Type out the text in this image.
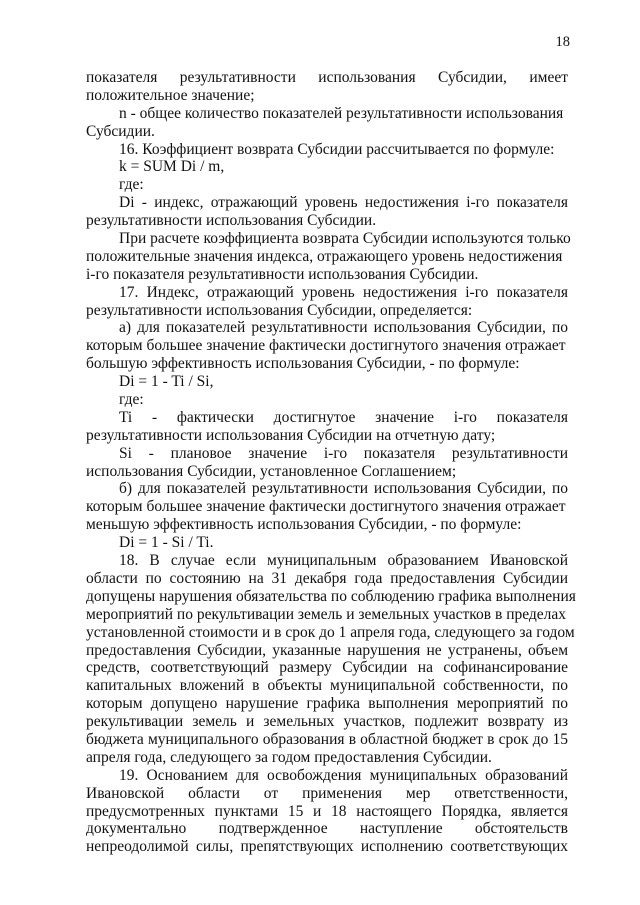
18
показателя результативности использования Субсидии, имеет
положительное значение;
n - общее количество показателей результативности использования
Субсидии.
16. Коэффициент возврата Субсидии рассчитывается по формуле:
k = SUM Di / m,
где:
Di - индекс, отражающий уровень недостижения i-го показателя
результативности использования Субсидии.
При расчете коэффициента возврата Субсидии используются только
положительные значения индекса, отражающего уровень недостижения
i-го показателя результативности использования Субсидии.
17. Индекс, отражающий уровень недостижения i-го показателя
результативности использования Субсидии, определяется:
а) для показателей результативности использования Субсидии, по
которым большее значение фактически достигнутого значения отражает
большую эффективность использования Субсидии, - по формуле:
Di = 1 - Ti / Si,
где:
Ti - фактически достигнутое значение i-го показателя
результативности использования Субсидии на отчетную дату;
Si - плановое значение i-го показателя результативности
использования Субсидии, установленное Соглашением;
б) для показателей результативности использования Субсидии, по
которым большее значение фактически достигнутого значения отражает
меньшую эффективность использования Субсидии, - по формуле:
Di = 1 - Si / Ti.
18. В случае если муниципальным образованием Ивановской
области по состоянию на 31 декабря года предоставления Субсидии
допущены нарушения обязательства по соблюдению графика выполнения
мероприятий по рекультивации земель и земельных участков в пределах
установленной стоимости и в срок до 1 апреля года, следующего за годом
предоставления Субсидии, указанные нарушения не устранены, объем
средств, соответствующий размеру Субсидии на софинансирование
капитальных вложений в объекты муниципальной собственности, по
которым допущено нарушение графика выполнения мероприятий по
рекультивации земель и земельных участков, подлежит возврату из
бюджета муниципального образования в областной бюджет в срок до 15
апреля года, следующего за годом предоставления Субсидии.
19. Основанием для освобождения муниципальных образований
Ивановской области от применения мер ответственности,
предусмотренных пунктами 15 и 18 настоящего Порядка, является
документально подтвержденное наступление обстоятельств
непреодолимой силы, препятствующих исполнению соответствующих
